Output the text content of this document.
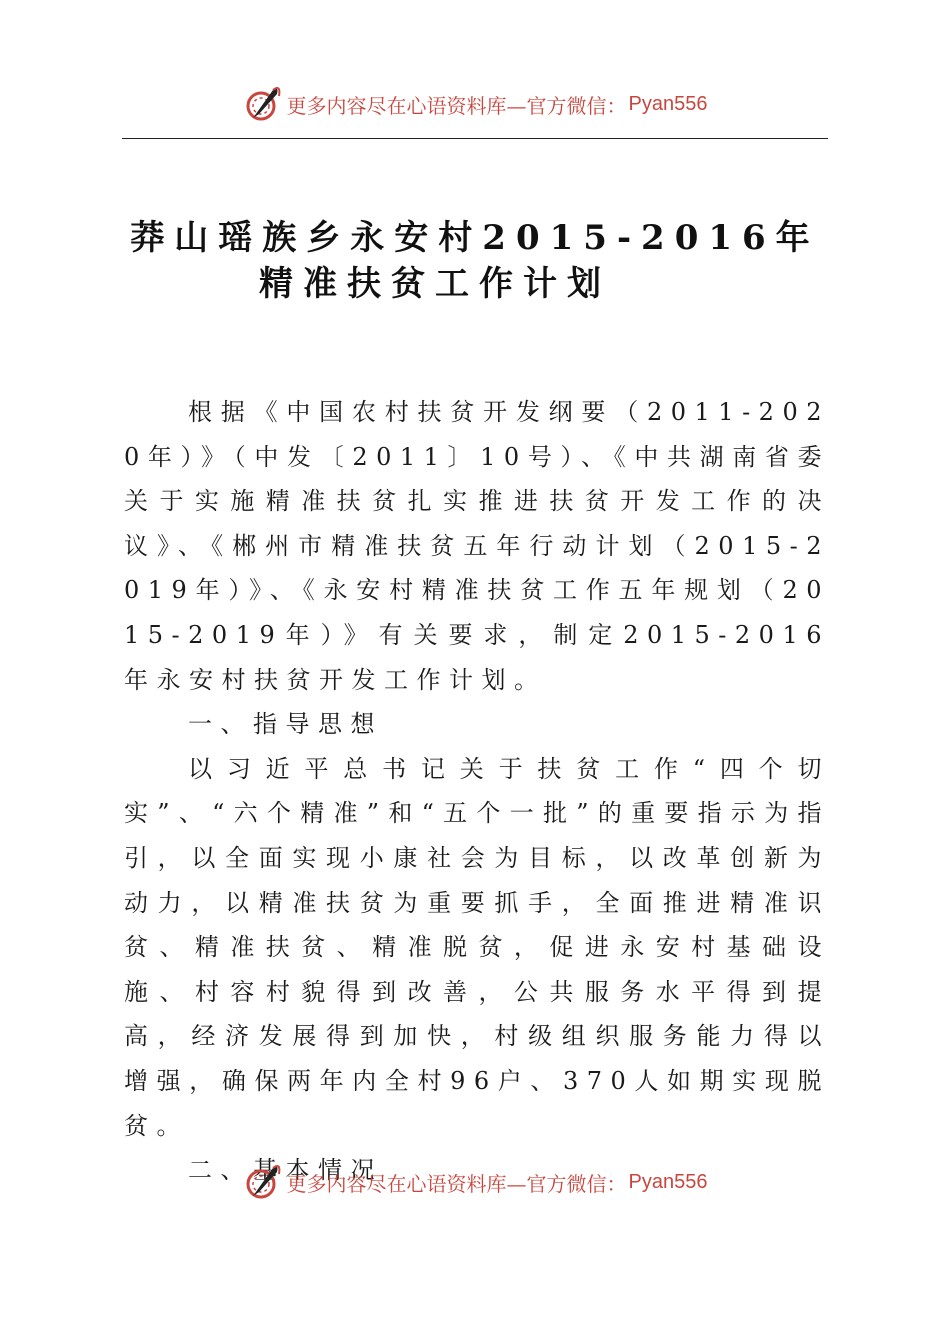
更多内容尽在心语资料库—官方微信： Pyan556
莽山瑶族乡永安村2015-2016年
精准扶贫工作计划

根据《中国农村扶贫开发纲要（2011-2020年）》（中发〔2011〕10号）、《中共湖南省委关于实施精准扶贫扎实推进扶贫开发工作的决议》、《郴州市精准扶贫五年行动计划（2015-2019年）》、《永安村精准扶贫工作五年规划（2015-2019年）》有关要求，制定2015-2016年永安村扶贫开发工作计划。

一、指导思想

以习近平总书记关于扶贫工作“四个切实”、“六个精准”和“五个一批”的重要指示为指引，以全面实现小康社会为目标，以改革创新为动力，以精准扶贫为重要抓手，全面推进精准识贫、精准扶贫、精准脱贫，促进永安村基础设施、村容村貌得到改善，公共服务水平得到提高，经济发展得到加快，村级组织服务能力得以增强，确保两年内全村96户、370人如期实现脱贫。

二、基本情况

更多内容尽在心语资料库—官方微信： Pyan556
